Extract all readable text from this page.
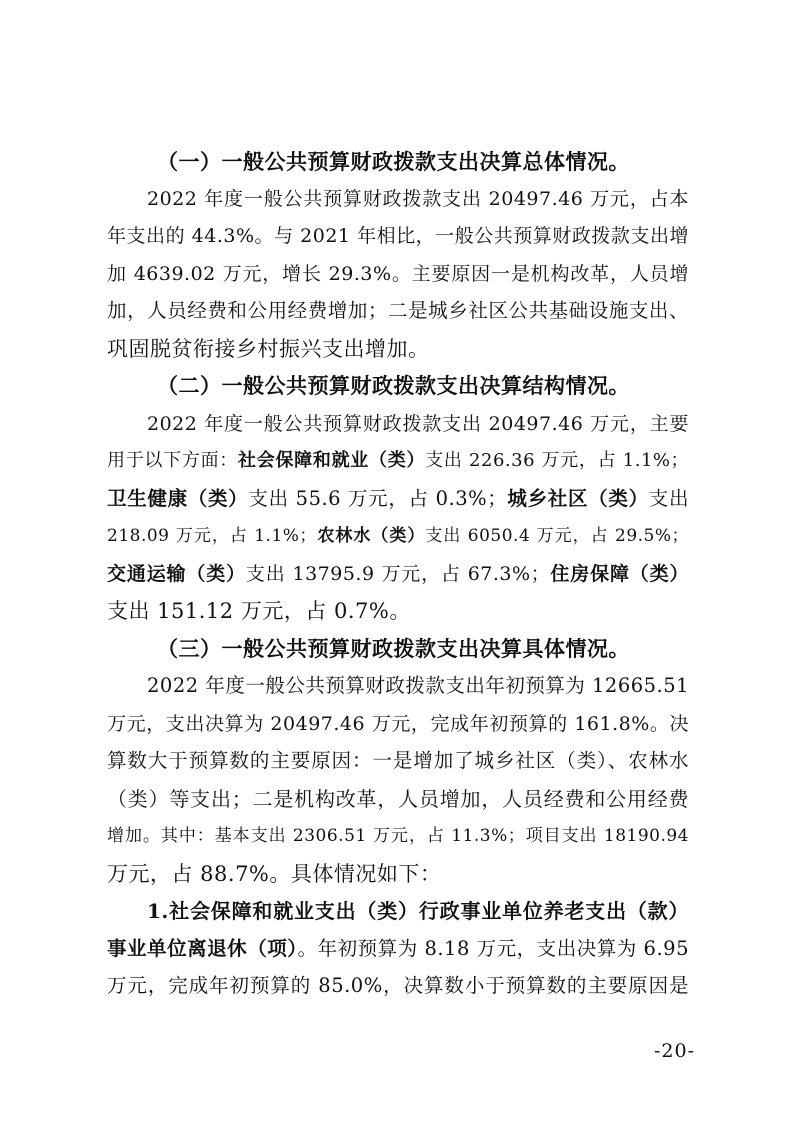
（一）一般公共预算财政拨款支出决算总体情况。
2022 年度一般公共预算财政拨款支出 20497.46 万元，占本
年支出的 44.3%。与 2021 年相比，一般公共预算财政拨款支出增
加 4639.02 万元，增长 29.3%。主要原因一是机构改革，人员增
加，人员经费和公用经费增加；二是城乡社区公共基础设施支出、
巩固脱贫衔接乡村振兴支出增加。
（二）一般公共预算财政拨款支出决算结构情况。
2022 年度一般公共预算财政拨款支出 20497.46 万元，主要
用于以下方面：社会保障和就业（类）支出 226.36 万元，占 1.1%；
卫生健康（类）支出 55.6 万元，占 0.3%；城乡社区（类）支出
218.09 万元，占 1.1%；农林水（类）支出 6050.4 万元，占 29.5%；
交通运输（类）支出 13795.9 万元，占 67.3%；住房保障（类）
支出 151.12 万元，占 0.7%。
（三）一般公共预算财政拨款支出决算具体情况。
2022 年度一般公共预算财政拨款支出年初预算为 12665.51
万元，支出决算为 20497.46 万元，完成年初预算的 161.8%。决
算数大于预算数的主要原因：一是增加了城乡社区（类）、农林水
（类）等支出；二是机构改革，人员增加，人员经费和公用经费
增加。其中：基本支出 2306.51 万元，占 11.3%；项目支出 18190.94
万元，占 88.7%。具体情况如下：
1.社会保障和就业支出（类）行政事业单位养老支出（款）
事业单位离退休（项）。年初预算为 8.18 万元，支出决算为 6.95
万元，完成年初预算的 85.0%，决算数小于预算数的主要原因是
-20-
